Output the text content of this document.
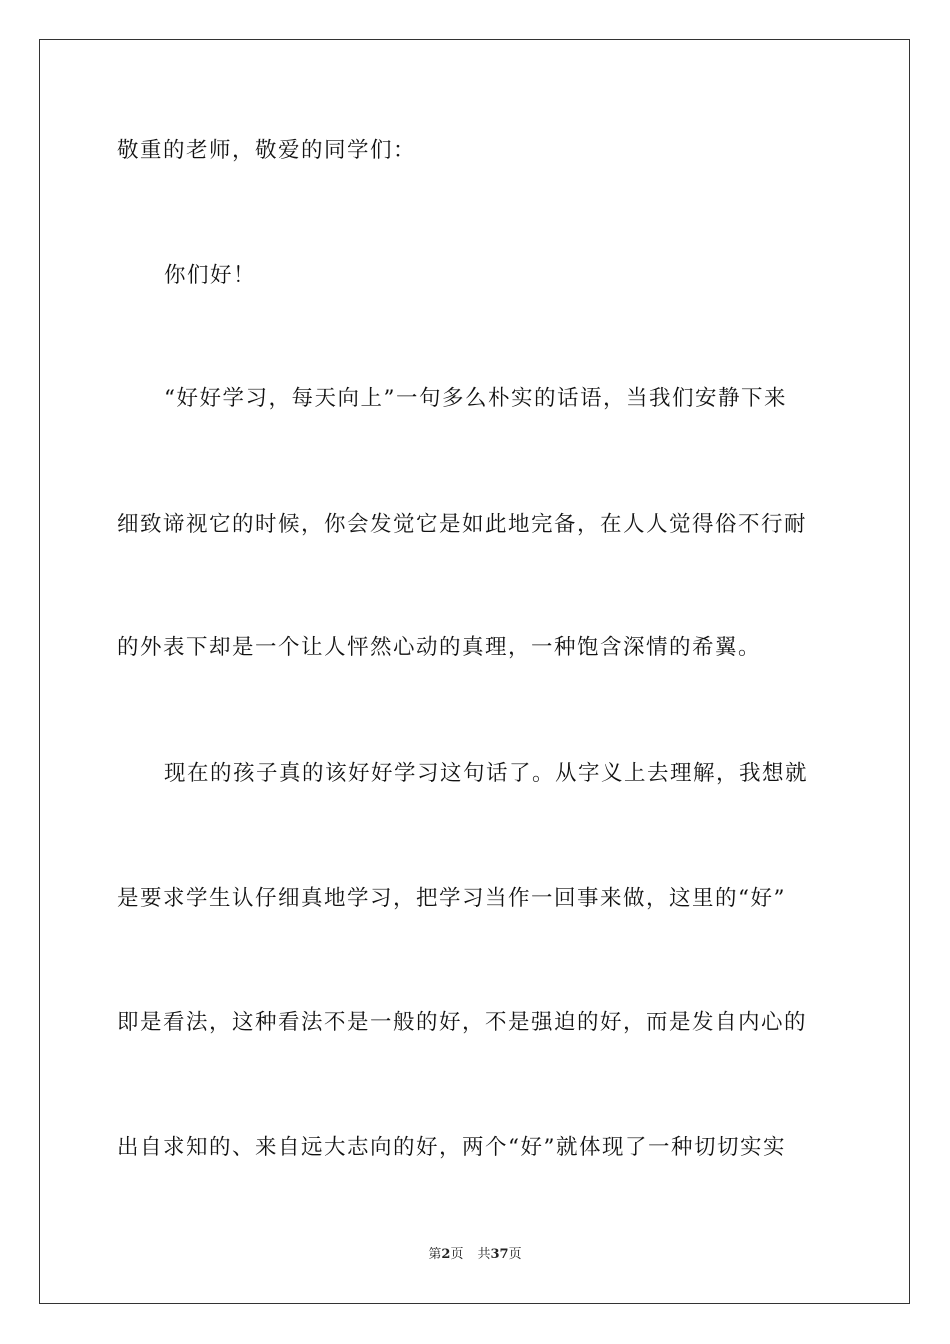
敬重的老师，敬爱的同学们：
你们好！
“好好学习，每天向上”一句多么朴实的话语，当我们安静下来
细致谛视它的时候，你会发觉它是如此地完备，在人人觉得俗不行耐
的外表下却是一个让人怦然心动的真理，一种饱含深情的希翼。
现在的孩子真的该好好学习这句话了。从字义上去理解，我想就
是要求学生认仔细真地学习，把学习当作一回事来做，这里的“好”
即是看法，这种看法不是一般的好，不是强迫的好，而是发自内心的
出自求知的、来自远大志向的好，两个“好”就体现了一种切切实实
第2页 共37页
